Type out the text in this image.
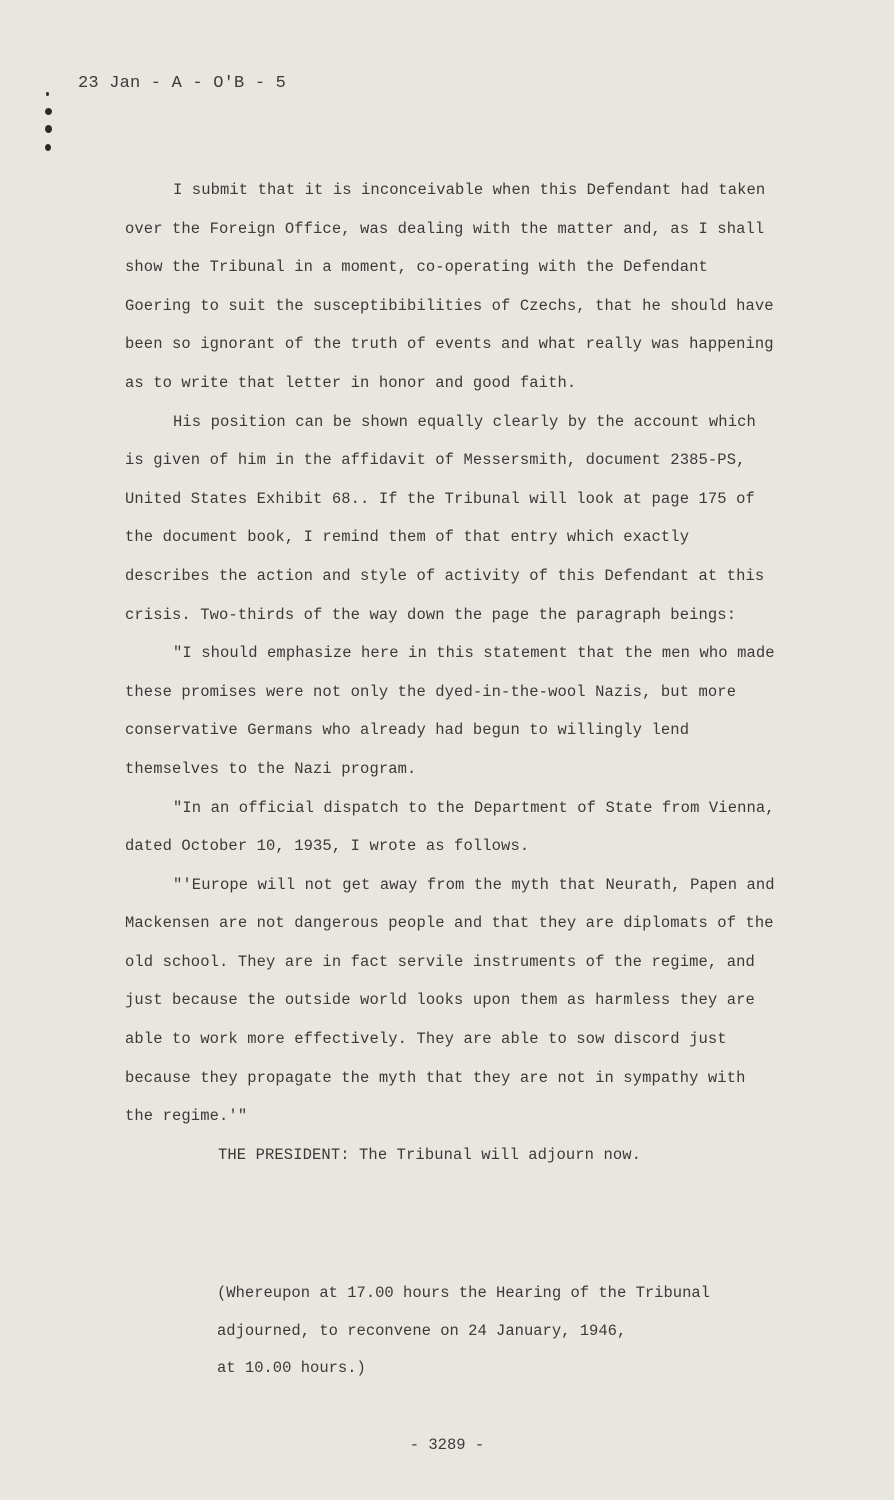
23 Jan - A - O'B - 5

I submit that it is inconceivable when this Defendant had taken over the Foreign Office, was dealing with the matter and, as I shall show the Tribunal in a moment, co-operating with the Defendant Goering to suit the susceptibibilities of Czechs, that he should have been so ignorant of the truth of events and what really was happening as to write that letter in honor and good faith.

His position can be shown equally clearly by the account which is given of him in the affidavit of Messersmith, document 2385-PS, United States Exhibit 68.. If the Tribunal will look at page 175 of the document book, I remind them of that entry which exactly describes the action and style of activity of this Defendant at this crisis. Two-thirds of the way down the page the paragraph beings:

"I should emphasize here in this statement that the men who made these promises were not only the dyed-in-the-wool Nazis, but more conservative Germans who already had begun to willingly lend themselves to the Nazi program.

"In an official dispatch to the Department of State from Vienna, dated October 10, 1935, I wrote as follows.

"'Europe will not get away from the myth that Neurath, Papen and Mackensen are not dangerous people and that they are diplomats of the old school. They are in fact servile instruments of the regime, and just because the outside world looks upon them as harmless they are able to work more effectively. They are able to sow discord just because they propagate the myth that they are not in sympathy with the regime.'"

THE PRESIDENT: The Tribunal will adjourn now.

(Whereupon at 17.00 hours the Hearing of the Tribunal

adjourned, to reconvene on 24 January, 1946,

at 10.00 hours.)

- 3289 -
